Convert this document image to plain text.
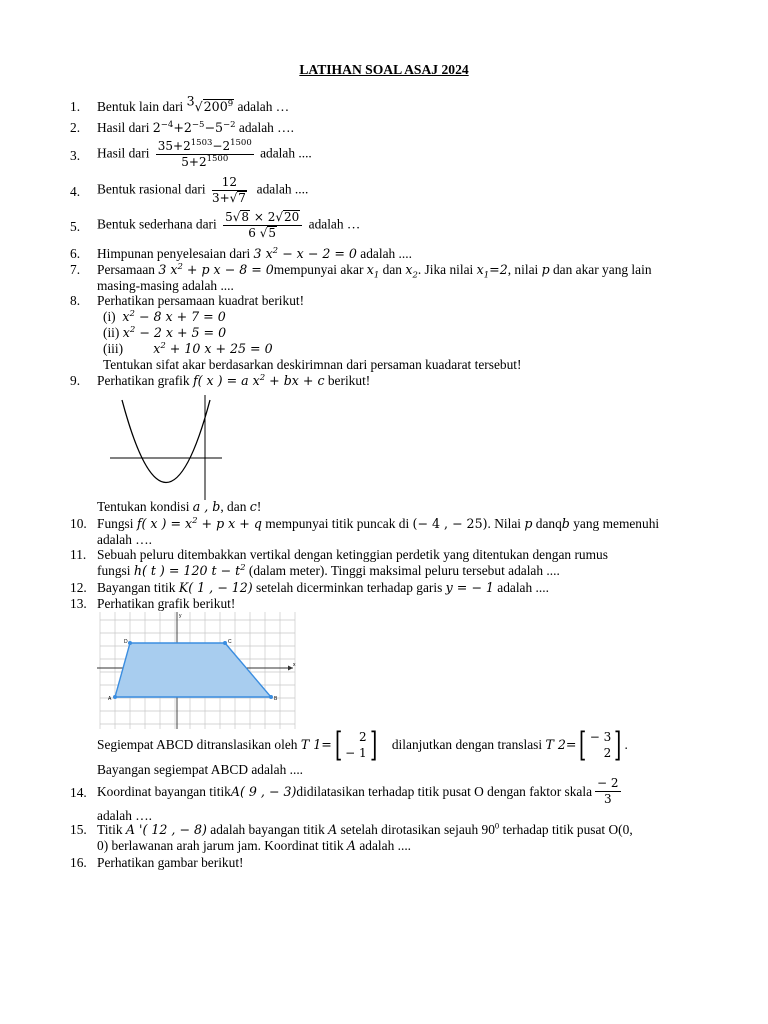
LATIHAN SOAL ASAJ 2024
1. Bentuk lain dari $^3√200^9$ adalah …
2. Hasil dari $2^{-4}+2^{-5}-5^{-2}$ adalah ….
3. Hasil dari $\frac{35+2^{1503}-2^{1500}}{5+2^{1500}}$ adalah ....
4. Bentuk rasional dari $\frac{12}{3+√7}$ adalah ....
5. Bentuk sederhana dari $\frac{5√8 \times 2√20}{6 √5}$ adalah …
6. Himpunan penyelesaian dari 3 $x^2 - x - 2 = 0$ adalah ....
7. Persamaan 3 $x^2 + p$ x − 8 = 0mempunyai akar $x_1$ dan $x_2$. Jika nilai $x_1=2$, nilai p dan akar yang lain
masing-masing adalah ....
8. Perhatikan persamaan kuadrat berikut!
(i) $x^2 - 8$ x + 7 = 0
(ii) $x^2 - 2$ x + 5 = 0
(iii) $x^2 + 10$ x + 25 = 0
Tentukan sifat akar berdasarkan deskirimnan dari persaman kuadarat tersebut!
9. Perhatikan grafik f( x ) = a $x^2$ + bx + c berikut!
Tentukan kondisi a , b, dan c!
10. Fungsi f( x ) = $x^2 + p$ x + q mempunyai titik puncak di (− 4 , − 25). Nilai p danqb yang memenuhi
adalah ….
11. Sebuah peluru ditembakkan vertikal dengan ketinggian perdetik yang ditentukan dengan rumus
fungsi h( t ) = 120 $t - t^2$ (dalam meter). Tinggi maksimal peluru tersebut adalah ....
12. Bayangan titik K( 1 , − 12) setelah dicerminkan terhadap garis y = − 1 adalah ....
13. Perhatikan grafik berikut!
A
D	C
B
x
y
Segiempat ABCD ditranslasikan oleh
T 1 = [	2
− 1 ] dilanjutkan dengan translasi
T 2 = [ − 3
2 ] .
Bayangan segiempat ABCD adalah ....
14. Koordinat bayangan titik A( 9 , − 3) didilatasikan terhadap titik pusat O dengan faktor skala $\frac{- 2}{3}$
adalah ….
15. Titik A '( 12 , − 8) adalah bayangan titik A setelah dirotasikan sejauh $90^0$ terhadap titik pusat O(0,
0) berlawanan arah jarum jam. Koordinat titik A adalah ....
16. Perhatikan gambar berikut!
